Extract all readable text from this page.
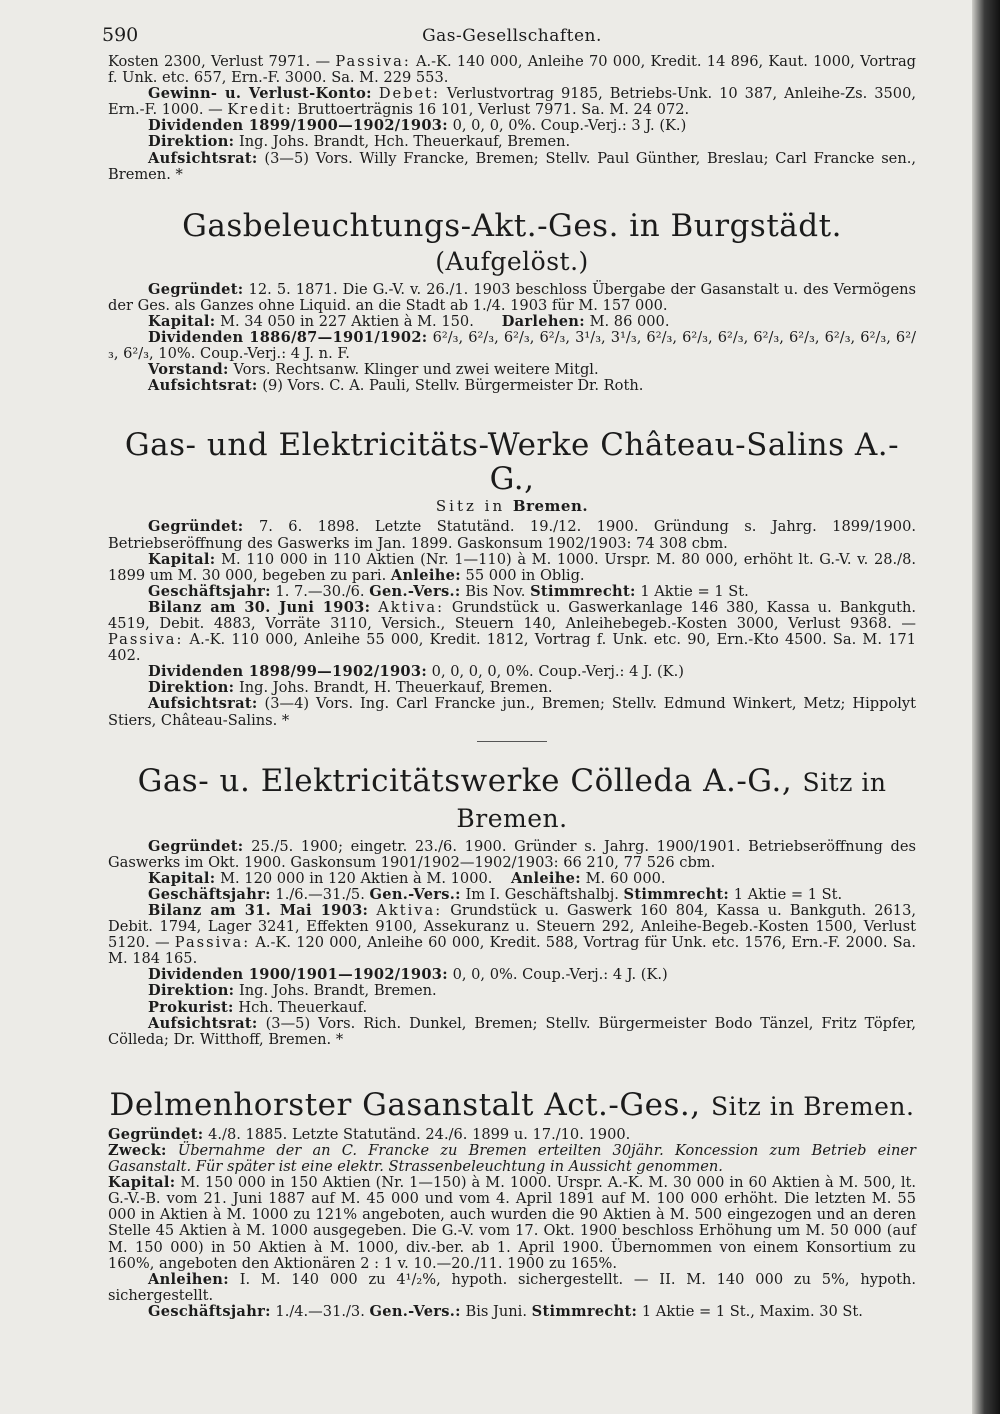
590	Gas-Gesellschaften.

Kosten 2300, Verlust 7971. — Passiva: A.-K. 140 000, Anleihe 70 000, Kredit. 14 896, Kaut. 1000, Vortrag f. Unk. etc. 657, Ern.-F. 3000. Sa. M. 229 553.

Gewinn- u. Verlust-Konto: Debet: Verlustvortrag 9185, Betriebs-Unk. 10 387, Anleihe-Zs. 3500, Ern.-F. 1000. — Kredit: Bruttoerträgnis 16 101, Verlust 7971. Sa. M. 24 072.

Dividenden 1899/1900—1902/1903: 0, 0, 0, 0%. Coup.-Verj.: 3 J. (K.)

Direktion: Ing. Johs. Brandt, Hch. Theuerkauf, Bremen.

Aufsichtsrat: (3—5) Vors. Willy Francke, Bremen; Stellv. Paul Günther, Breslau; Carl Francke sen., Bremen. *

Gasbeleuchtungs-Akt.-Ges. in Burgstädt. (Aufgelöst.)

Gegründet: 12. 5. 1871. Die G.-V. v. 26./1. 1903 beschloss Übergabe der Gasanstalt u. des Vermögens der Ges. als Ganzes ohne Liquid. an die Stadt ab 1./4. 1903 für M. 157 000.

Kapital: M. 34 050 in 227 Aktien à M. 150. Darlehen: M. 86 000.

Dividenden 1886/87—1901/1902: 6²/₃, 6²/₃, 6²/₃, 6²/₃, 3¹/₃, 3¹/₃, 6²/₃, 6²/₃, 6²/₃, 6²/₃, 6²/₃, 6²/₃, 6²/₃, 6²/₃, 6²/₃, 10%. Coup.-Verj.: 4 J. n. F.

Vorstand: Vors. Rechtsanw. Klinger und zwei weitere Mitgl.

Aufsichtsrat: (9) Vors. C. A. Pauli, Stellv. Bürgermeister Dr. Roth.

Gas- und Elektricitäts-Werke Château-Salins A.-G.,
Sitz in Bremen.

Gegründet: 7. 6. 1898. Letzte Statutänd. 19./12. 1900. Gründung s. Jahrg. 1899/1900. Betriebseröffnung des Gaswerks im Jan. 1899. Gaskonsum 1902/1903: 74 308 cbm.

Kapital: M. 110 000 in 110 Aktien (Nr. 1—110) à M. 1000. Urspr. M. 80 000, erhöht lt. G.-V. v. 28./8. 1899 um M. 30 000, begeben zu pari. Anleihe: 55 000 in Oblig.

Geschäftsjahr: 1. 7.—30./6. Gen.-Vers.: Bis Nov. Stimmrecht: 1 Aktie = 1 St.

Bilanz am 30. Juni 1903: Aktiva: Grundstück u. Gaswerkanlage 146 380, Kassa u. Bankguth. 4519, Debit. 4883, Vorräte 3110, Versich., Steuern 140, Anleihebegeb.-Kosten 3000, Verlust 9368. — Passiva: A.-K. 110 000, Anleihe 55 000, Kredit. 1812, Vortrag f. Unk. etc. 90, Ern.-Kto 4500. Sa. M. 171 402.

Dividenden 1898/99—1902/1903: 0, 0, 0, 0, 0%. Coup.-Verj.: 4 J. (K.)

Direktion: Ing. Johs. Brandt, H. Theuerkauf, Bremen.

Aufsichtsrat: (3—4) Vors. Ing. Carl Francke jun., Bremen; Stellv. Edmund Winkert, Metz; Hippolyt Stiers, Château-Salins. *

Gas- u. Elektricitätswerke Cölleda A.-G., Sitz in Bremen.

Gegründet: 25./5. 1900; eingetr. 23./6. 1900. Gründer s. Jahrg. 1900/1901. Betriebseröffnung des Gaswerks im Okt. 1900. Gaskonsum 1901/1902—1902/1903: 66 210, 77 526 cbm.

Kapital: M. 120 000 in 120 Aktien à M. 1000. Anleihe: M. 60 000.

Geschäftsjahr: 1./6.—31./5. Gen.-Vers.: Im I. Geschäftshalbj. Stimmrecht: 1 Aktie = 1 St.

Bilanz am 31. Mai 1903: Aktiva: Grundstück u. Gaswerk 160 804, Kassa u. Bankguth. 2613, Debit. 1794, Lager 3241, Effekten 9100, Assekuranz u. Steuern 292, Anleihe-Begeb.-Kosten 1500, Verlust 5120. — Passiva: A.-K. 120 000, Anleihe 60 000, Kredit. 588, Vortrag für Unk. etc. 1576, Ern.-F. 2000. Sa. M. 184 165.

Dividenden 1900/1901—1902/1903: 0, 0, 0%. Coup.-Verj.: 4 J. (K.)

Direktion: Ing. Johs. Brandt, Bremen.

Prokurist: Hch. Theuerkauf.

Aufsichtsrat: (3—5) Vors. Rich. Dunkel, Bremen; Stellv. Bürgermeister Bodo Tänzel, Fritz Töpfer, Cölleda; Dr. Witthoff, Bremen. *

Delmenhorster Gasanstalt Act.-Ges., Sitz in Bremen.

Gegründet: 4./8. 1885. Letzte Statutänd. 24./6. 1899 u. 17./10. 1900.

Zweck: Übernahme der an C. Francke zu Bremen erteilten 30jähr. Koncession zum Betrieb einer Gasanstalt. Für später ist eine elektr. Strassenbeleuchtung in Aussicht genommen.

Kapital: M. 150 000 in 150 Aktien (Nr. 1—150) à M. 1000. Urspr. A.-K. M. 30 000 in 60 Aktien à M. 500, lt. G.-V.-B. vom 21. Juni 1887 auf M. 45 000 und vom 4. April 1891 auf M. 100 000 erhöht. Die letzten M. 55 000 in Aktien à M. 1000 zu 121% angeboten, auch wurden die 90 Aktien à M. 500 eingezogen und an deren Stelle 45 Aktien à M. 1000 ausgegeben. Die G.-V. vom 17. Okt. 1900 beschloss Erhöhung um M. 50 000 (auf M. 150 000) in 50 Aktien à M. 1000, div.-ber. ab 1. April 1900. Übernommen von einem Konsortium zu 160%, angeboten den Aktionären 2 : 1 v. 10.—20./11. 1900 zu 165%.

Anleihen: I. M. 140 000 zu 4¹/₂%, hypoth. sichergestellt. — II. M. 140 000 zu 5%, hypoth. sichergestellt.

Geschäftsjahr: 1./4.—31./3. Gen.-Vers.: Bis Juni. Stimmrecht: 1 Aktie = 1 St., Maxim. 30 St.
